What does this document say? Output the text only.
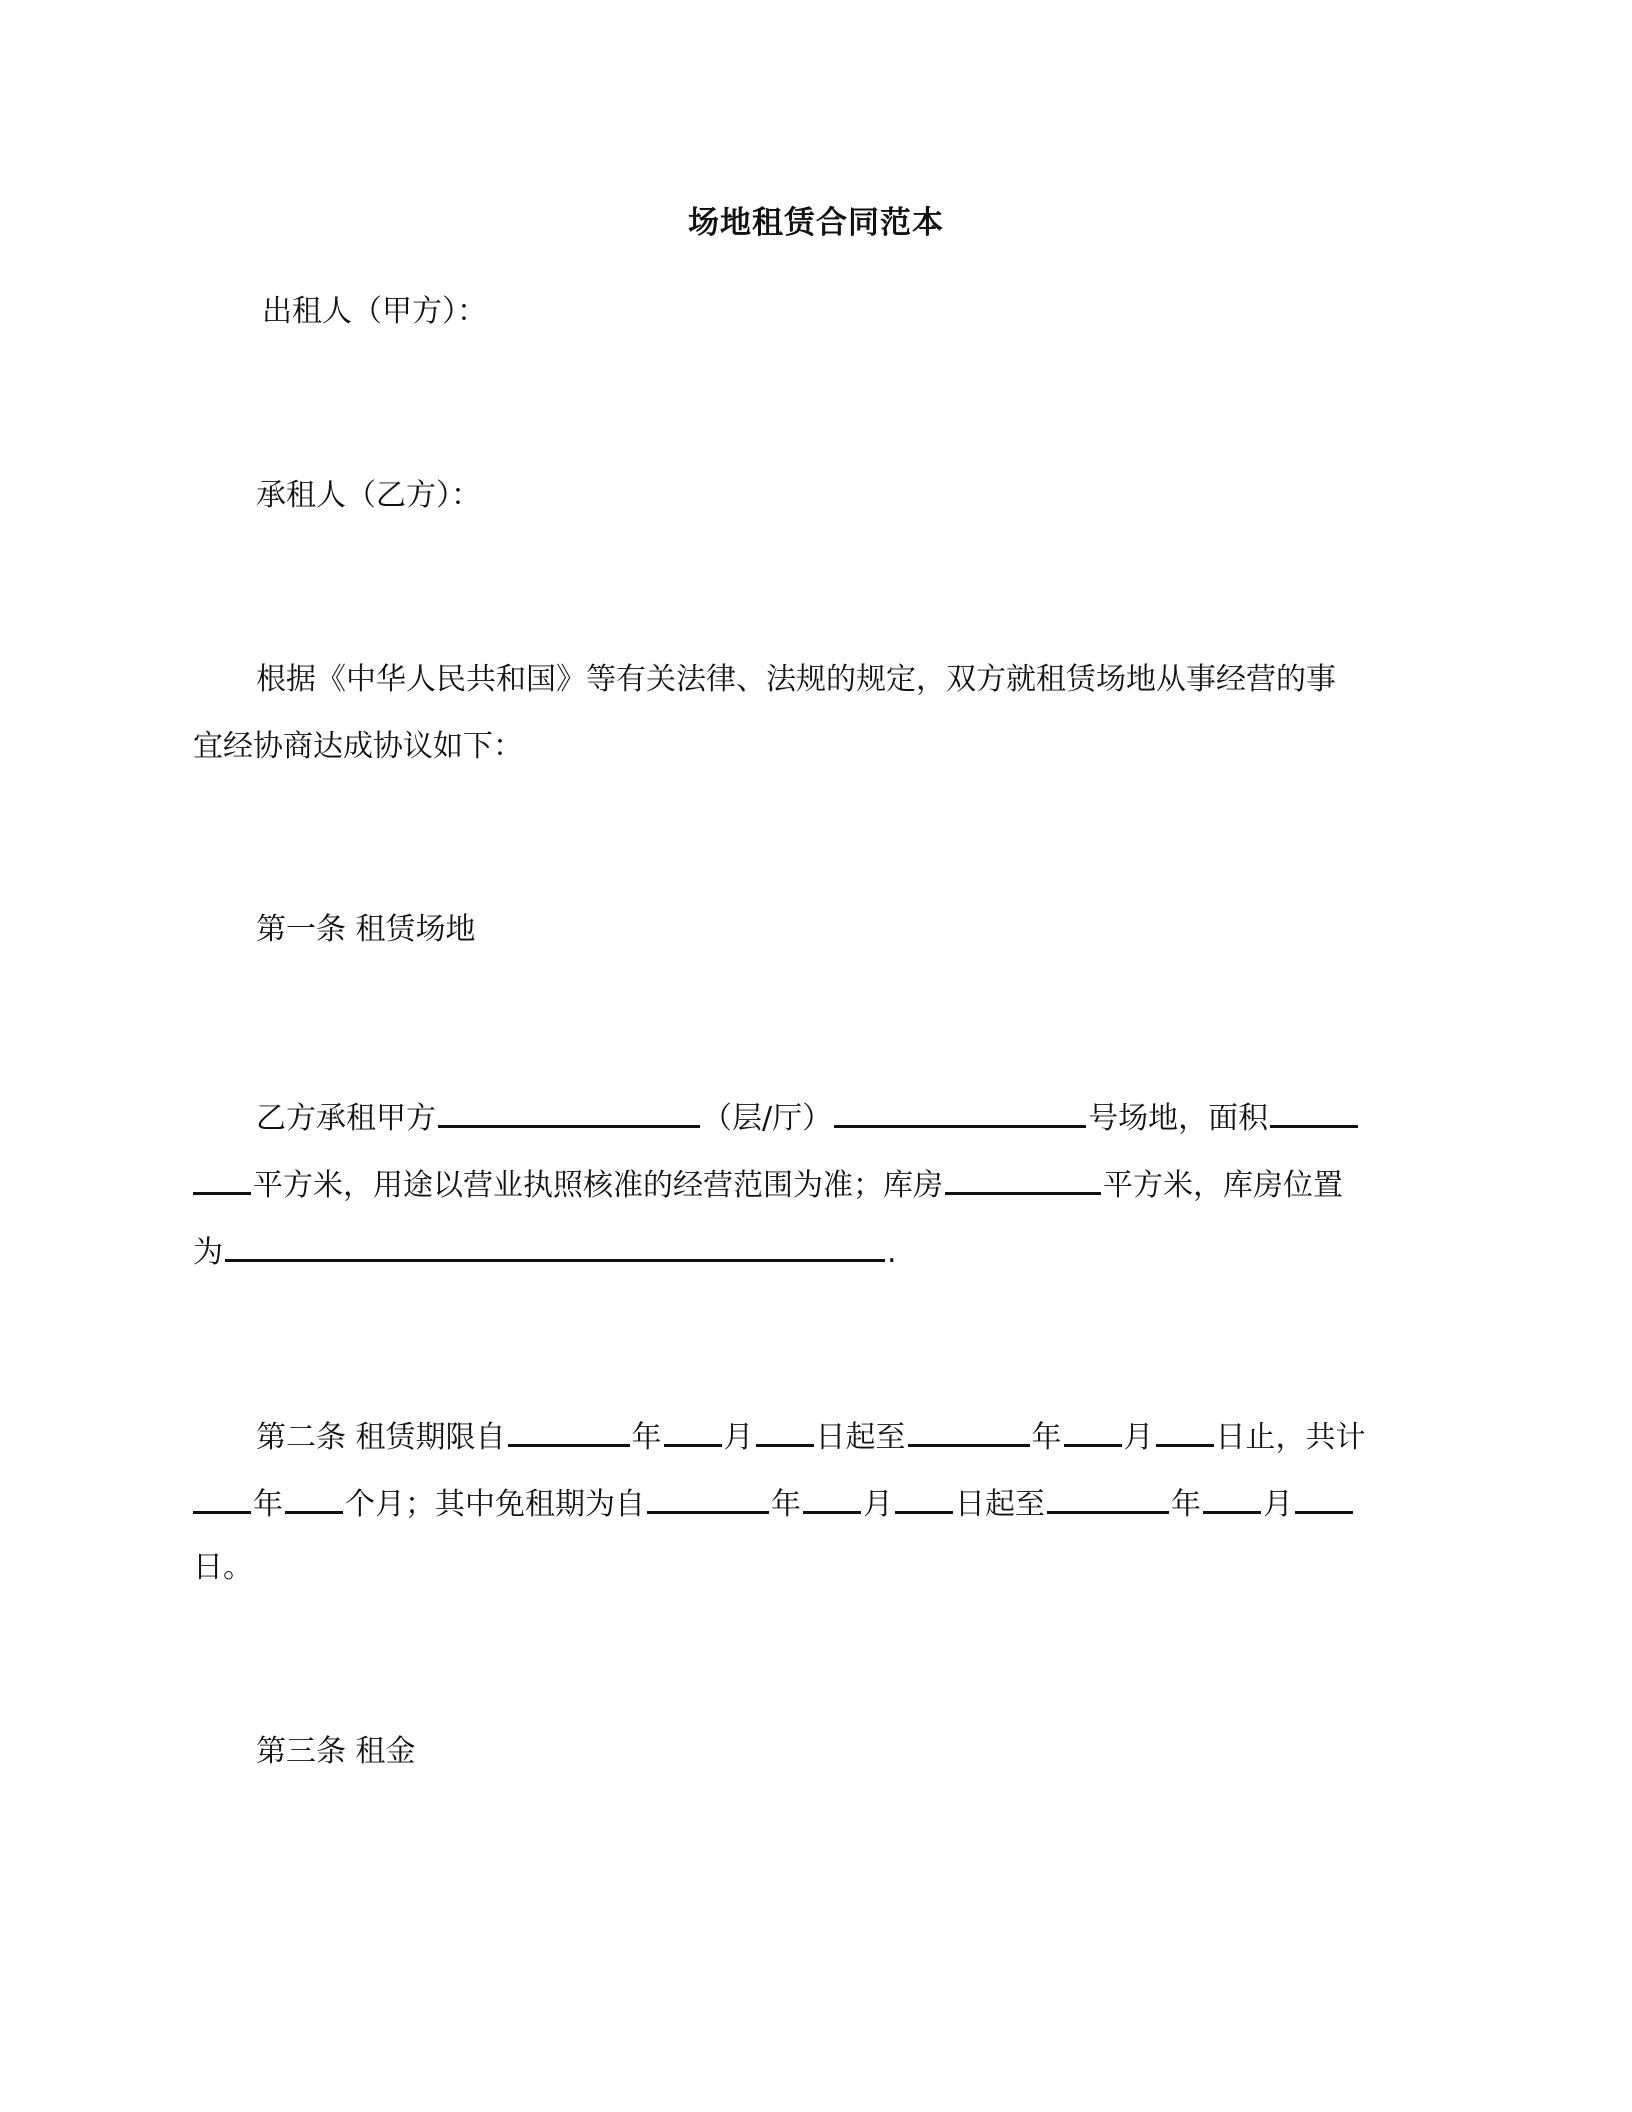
场地租赁合同范本
出租人（甲方）：
承租人（乙方）：
根据《中华人民共和国》等有关法律、法规的规定，双方就租赁场地从事经营的事
宜经协商达成协议如下：
第一条 租赁场地
乙方承租甲方	（层/厅）	号场地，面积
平方米，用途以营业执照核准的经营范围为准；库房	平方米，库房位置
为	.
第二条 租赁期限自	年 月 日起至	年 月 日止，共计
年 个月；其中免租期为自	年 月 日起至	年 月
日。
第三条 租金
